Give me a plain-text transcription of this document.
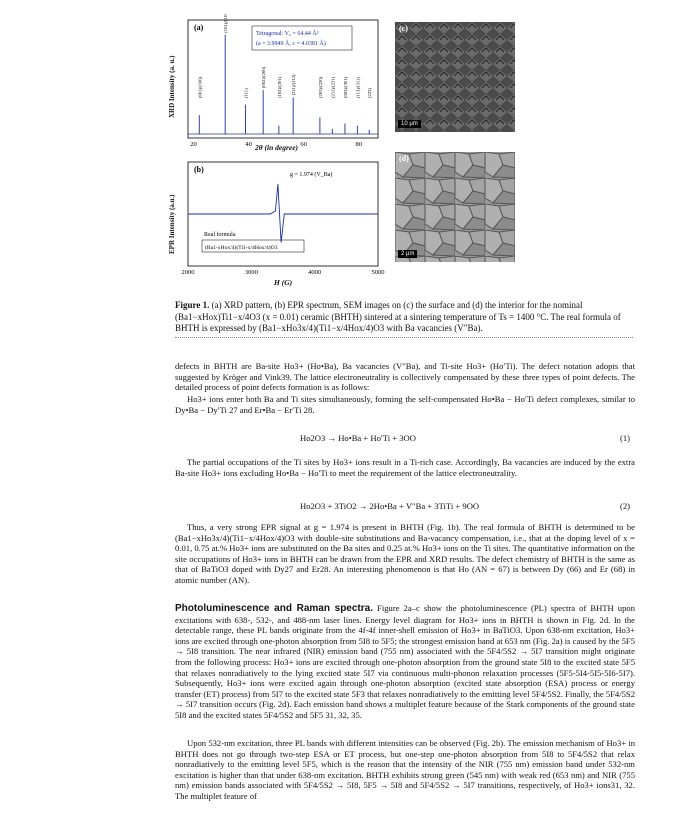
(a)
Tetragonal: V₀ = 64.44 Å³
(a = 3.9949 Å, c = 4.0381 Å)
(001)/(100)
(101)/(110)
(111)
(002)/(200) (102)/(201) (211)/(112)	(202)/(220) (212)/(221) (003)/(301) (113)/(311) (222)
20	40	60	80
XRD Intensity (a. u.)
2θ (in degree)
(b)
g = 1.974 (V_Ba)
Real formula
(Ba1-xHox/4)(Ti1-x/4Hox/4)O3
2000	3000	4000	5000
EPR Intensity (a.u.)
H (G)
(c)
10 μm
(d)
2 μm
Figure 1. (a) XRD pattern, (b) EPR spectrum, SEM images on (c) the surface and (d) the interior for the nominal (Ba1−xHox)Ti1−x/4O3 (x = 0.01) ceramic (BHTH) sintered at a sintering temperature of Ts = 1400 °C. The real formula of BHTH is expressed by (Ba1−xHo3x/4)(Ti1−x/4Hox/4)O3 with Ba vacancies (V″Ba).
defects in BHTH are Ba-site Ho3+ (Ho•Ba), Ba vacancies (V″Ba), and Ti-site Ho3+ (Ho′Ti). The defect notation adopts that suggested by Kröger and Vink39. The lattice electroneutrality is collectively compensated by these three types of point defects. The detailed process of point defects formation is as follows:
Ho3+ ions enter both Ba and Ti sites simultaneously, forming the self-compensated Ho•Ba − Ho′Ti defect complexes, similar to Dy•Ba − Dy′Ti 27 and Er•Ba − Er′Ti 28.
Ho2O3 → Ho•Ba + Ho′Ti + 3OO	(1)
The partial occupations of the Ti sites by Ho3+ ions result in a Ti-rich case. Accordingly, Ba vacancies are induced by the extra Ba-site Ho3+ ions excluding Ho•Ba − Ho′Ti to meet the requirement of the lattice electroneutrality.
Ho2O3 + 3TiO2 → 2Ho•Ba + V″Ba + 3TiTi + 9OO	(2)
Thus, a very strong EPR signal at g = 1.974 is present in BHTH (Fig. 1b). The real formula of BHTH is determined to be (Ba1−xHo3x/4)(Ti1−x/4Hox/4)O3 with double-site substitutions and Ba-vacancy compensation, i.e., that at the doping level of x = 0.01, 0.75 at.% Ho3+ ions are substituted on the Ba sites and 0.25 at.% Ho3+ ions on the Ti sites. The quantitative information on the site occupations of Ho3+ ions in BHTH can be drawn from the EPR and XRD results. The defect chemistry of BHTH is the same as that of BaTiO3 doped with Dy27 and Er28. An interesting phenomenon is that Ho (AN = 67) is between Dy (66) and Er (68) in atomic number (AN).
Photoluminescence and Raman spectra. Figure 2a–c show the photoluminescence (PL) spectra of BHTH upon excitations with 638-, 532-, and 488-nm laser lines. Energy level diagram for Ho3+ ions in BHTH is shown in Fig. 2d. In the detectable range, these PL bands originate from the 4f-4f inner-shell emission of Ho3+ in BaTiO3. Upon 638-nm excitation, Ho3+ ions are excited through one-photon absorption from 5I8 to 5F5; the strongest emission band at 653 nm (Fig. 2a) is caused by the 5F5 → 5I8 transition. The near infrared (NIR) emission band (755 nm) associated with the 5F4/5S2 → 5I7 transition might originate from the following process: Ho3+ ions are excited through one-photon absorption from the ground state 5I8 to the excited state 5F5 that relaxes nonradiatively to the lying excited state 5I7 via continuous multi-phonon relaxation processes (5F5-5I4-5I5-5I6-5I7). Subsequently, Ho3+ ions were excited again through one-photon absorption (excited state absorption (ESA) process or energy transfer (ET) process) from 5I7 to the excited state 5F3 that relaxes nonradiatively to the emitting level 5F4/5S2. Finally, the 5F4/5S2 → 5I7 transition occurs (Fig. 2d). Each emission band shows a multiplet feature because of the Stark components of the ground state 5I8 and the excited states 5F4/5S2 and 5F5 31, 32, 35.
Upon 532-nm excitation, three PL bands with different intensities can be observed (Fig. 2b). The emission mechanism of Ho3+ in BHTH does not go through two-step ESA or ET process, but one-step one-photon absorption from 5I8 to 5F4/5S2 that relax nonradiatively to the emitting level 5F5, which is the reason that the intensity of the NIR (755 nm) emission band under 532-nm excitation is higher than that under 638-nm excitation. BHTH exhibits strong green (545 nm) with weak red (653 nm) and NIR (755 nm) emission bands associated with 5F4/5S2 → 5I8, 5F5 → 5I8 and 5F4/5S2 → 5I7 transitions, respectively, of Ho3+ ions31, 32. The multiplet feature of
